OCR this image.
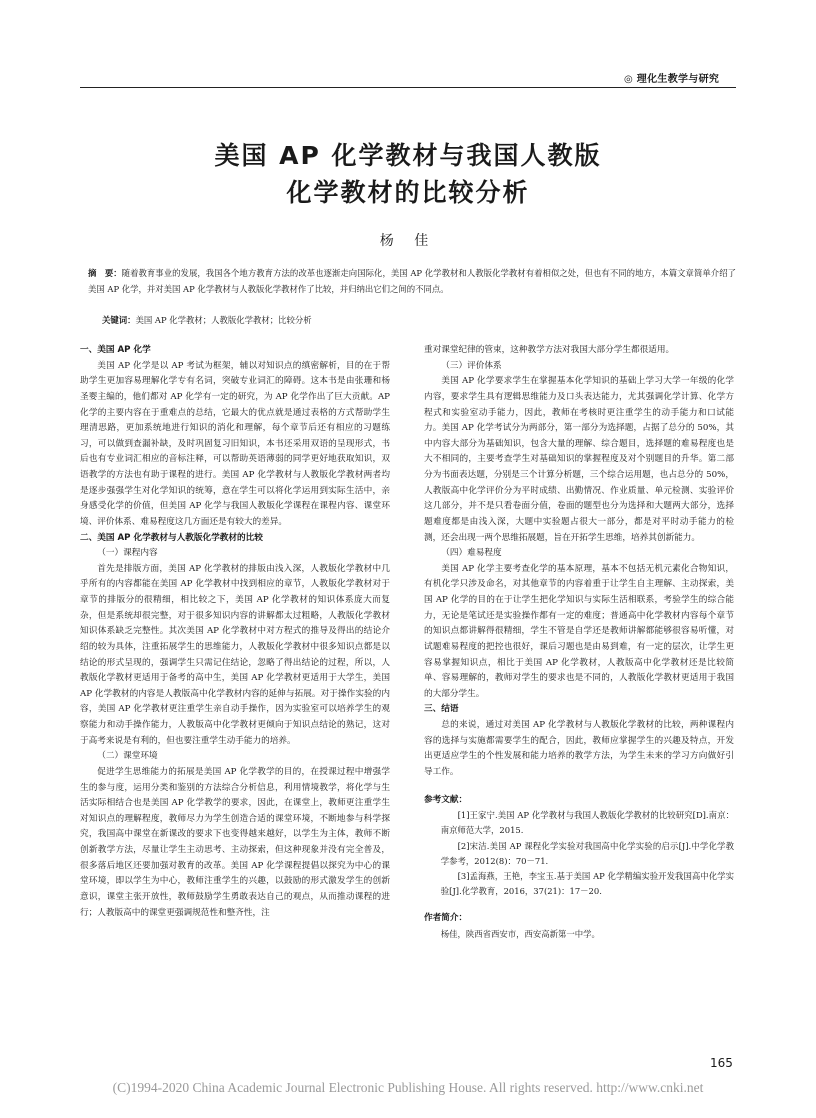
◎ 理化生教学与研究
美国 AP 化学教材与我国人教版
化学教材的比较分析
杨 佳
摘　要：随着教育事业的发展，我国各个地方教育方法的改革也逐渐走向国际化，美国 AP 化学教材和人教版化学教材有着相似之处，但也有不同的地方，本篇文章简单介绍了美国 AP 化学，并对美国 AP 化学教材与人教版化学教材作了比较，并归纳出它们之间的不同点。
关键词：美国 AP 化学教材；人教版化学教材；比较分析
一、美国 AP 化学

美国 AP 化学是以 AP 考试为框架，辅以对知识点的缜密解析，目的在于帮助学生更加容易理解化学专有名词，突破专业词汇的障碍。这本书是由张珊和杨圣婴主编的，他们都对 AP 化学有一定的研究，为 AP 化学作出了巨大贡献。AP 化学的主要内容在于重难点的总结，它最大的优点就是通过表格的方式帮助学生理清思路，更加系统地进行知识的消化和理解，每个章节后还有相应的习题练习，可以做到查漏补缺，及时巩固复习旧知识，本书还采用双语的呈现形式，书后也有专业词汇相应的音标注释，可以帮助英语薄弱的同学更好地获取知识，双语教学的方法也有助于课程的进行。美国 AP 化学教材与人教版化学教材两者均是逐步强强学生对化学知识的统筹，意在学生可以将化学运用到实际生活中，亲身感受化学的价值，但美国 AP 化学与我国人教版化学课程在课程内容、课堂环境、评价体系、难易程度这几方面还是有较大的差异。

二、美国 AP 化学教材与人教版化学教材的比较
（一）课程内容

首先是排版方面，美国 AP 化学教材的排版由浅入深，人教版化学教材中几乎所有的内容都能在美国 AP 化学教材中找到相应的章节，人教版化学教材对于章节的排版分的很精细，相比较之下，美国 AP 化学教材的知识体系庞大而复杂，但是系统却很完整，对于很多知识内容的讲解都太过粗略，人教版化学教材知识体系缺乏完整性。其次美国 AP 化学教材中对方程式的推导及得出的结论介绍的较为具体，注重拓展学生的思维能力，人教版化学教材中很多知识点都是以结论的形式呈现的，强调学生只需记住结论，忽略了得出结论的过程，所以，人教版化学教材更适用于备考的高中生，美国 AP 化学教材更适用于大学生，美国 AP 化学教材的内容是人教版高中化学教材内容的延伸与拓展。对于操作实验的内容，美国 AP 化学教材更注重学生亲自动手操作，因为实验室可以培养学生的观察能力和动手操作能力，人教版高中化学教材更倾向于知识点结论的熟记，这对于高考来说是有利的，但也要注重学生动手能力的培养。

（二）课堂环境

促进学生思维能力的拓展是美国 AP 化学教学的目的，在授课过程中增强学生的参与度，运用分类和鉴别的方法综合分析信息，利用情境教学，将化学与生活实际相结合也是美国 AP 化学教学的要求，因此，在课堂上，教师更注重学生对知识点的理解程度，教师尽力为学生创造合适的课堂环境，不断地参与科学探究，我国高中课堂在新课改的要求下也变得越来越好，以学生为主体，教师不断创新教学方法，尽量让学生主动思考、主动探索，但这种现象并没有完全普及，很多落后地区还要加强对教育的改革。美国 AP 化学课程提倡以探究为中心的课堂环境，即以学生为中心，教师注重学生的兴趣，以鼓励的形式激发学生的创新意识，课堂主张开放性，教师鼓励学生勇敢表达自己的观点，从而推动课程的进行；人教版高中的课堂更强调规范性和整齐性，注

重对课堂纪律的管束，这种教学方法对我国大部分学生都很适用。

（三）评价体系

美国 AP 化学要求学生在掌握基本化学知识的基础上学习大学一年级的化学内容，要求学生具有逻辑思维能力及口头表达能力，尤其强调化学计算、化学方程式和实验室动手能力，因此，教师在考核时更注重学生的动手能力和口试能力。美国 AP 化学考试分为两部分，第一部分为选择题，占据了总分的 50%，其中内容大部分为基础知识，包含大量的理解、综合题目，选择题的难易程度也是大不相同的，主要考查学生对基础知识的掌握程度及对个别题目的升华。第二部分为书面表达题，分别是三个计算分析题，三个综合运用题，也占总分的 50%，人教版高中化学评价分为平时成绩、出勤情况、作业质量、单元检测、实验评价这几部分，并不是只看卷面分值，卷面的题型也分为选择和大题两大部分，选择题难度都是由浅入深，大题中实验题占很大一部分，都是对平时动手能力的检测，还会出现一两个思维拓展题，旨在开拓学生思维，培养其创新能力。

（四）难易程度

美国 AP 化学主要考查化学的基本原理，基本不包括无机元素化合物知识，有机化学只涉及命名，对其他章节的内容着重于让学生自主理解、主动探索，美国 AP 化学的目的在于让学生把化学知识与实际生活相联系，考验学生的综合能力，无论是笔试还是实验操作都有一定的难度；普通高中化学教材内容每个章节的知识点都讲解得很精细，学生不管是自学还是教师讲解都能够很容易听懂，对试题难易程度的把控也很好，课后习题也是由易到难，有一定的层次，让学生更容易掌握知识点，相比于美国 AP 化学教材，人教版高中化学教材还是比较简单、容易理解的，教师对学生的要求也是不同的，人教版化学教材更适用于我国的大部分学生。

三、结语

总的来说，通过对美国 AP 化学教材与人教版化学教材的比较，两种课程内容的选择与实施都需要学生的配合，因此，教师应掌握学生的兴趣及特点，开发出更适应学生的个性发展和能力培养的教学方法，为学生未来的学习方向做好引导工作。

参考文献：

[1]王家宁.美国 AP 化学教材与我国人教版化学教材的比较研究[D].南京：南京师范大学，2015.

[2]宋洁.美国 AP 课程化学实验对我国高中化学实验的启示[J].中学化学教学参考，2012(8)：70－71.

[3]孟海燕，王艳，李宝玉.基于美国 AP 化学精编实验开发我国高中化学实验[J].化学教育，2016，37(21)：17－20.

作者简介：

杨佳，陕西省西安市，西安高新第一中学。

165
(C)1994-2020 China Academic Journal Electronic Publishing House. All rights reserved. http://www.cnki.net
